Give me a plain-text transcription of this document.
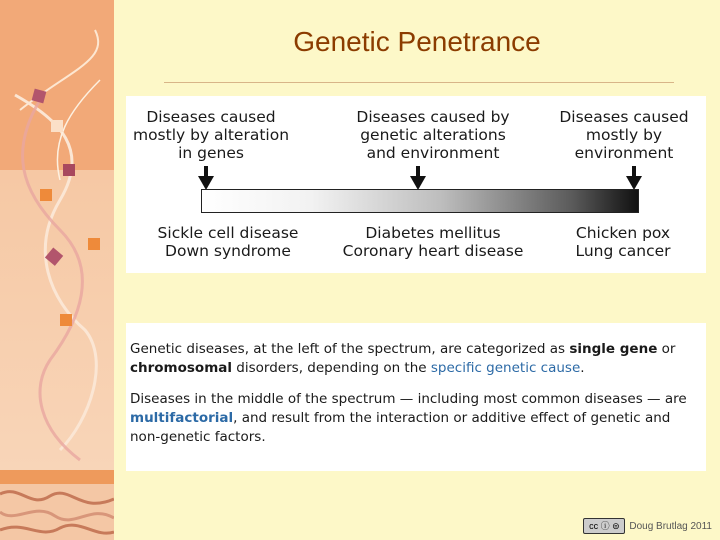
Genetic Penetrance
Diseases caused
mostly by alteration
in genes
Diseases caused by
genetic alterations
and environment
Diseases caused
mostly by
environment
Sickle cell disease
Down syndrome
Diabetes mellitus
Coronary heart disease
Chicken pox
Lung cancer

Genetic diseases, at the left of the spectrum, are categorized as single gene or chromosomal disorders, depending on the specific genetic cause.

Diseases in the middle of the spectrum — including most common diseases — are multifactorial, and result from the interaction or additive effect of genetic and non-genetic factors.

cc ⓘ ⊜ Doug Brutlag 2011
